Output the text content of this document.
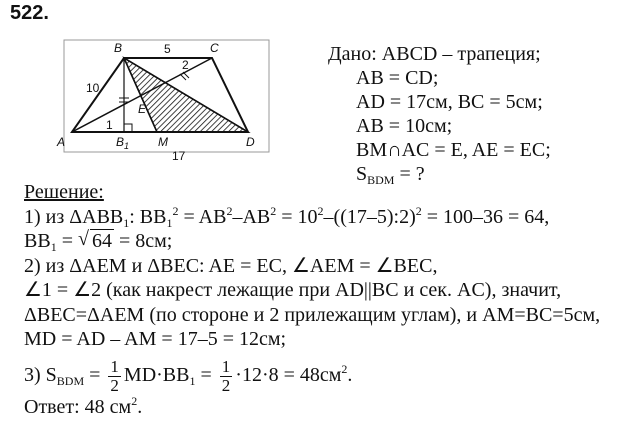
522.
A
B	C
D
E
M
$B_1$
10
5
17
1
2	Дано: ABCD – трапеция;
AB = CD;
AD = 17см, BC = 5см;
AB = 10см;
BM∩AC = E, AE = EC;
$S_{BDM}$ = ?
Решение:
1) из $\Delta ABB_1$: $BB_1^2 = AB^2-AB^2$ = $10^2-((17-5):2)^2 = 100-36 = 64$,
$BB_1$ = √ 64 = 8см;
2) из ΔAEM и ΔBEC: AE = EC, ∠AEM = ∠BEC,
∠1 = ∠2 (как накрест лежащие при AD||BC и сек. AC), значит,
ΔBEC=ΔAEM (по стороне и 2 прилежащим углам), и AM=BC=5см,
MD = AD – AM = 17–5 = 12см;
3) $S_{BDM} = \frac{1}{2} MD\cdot BB_1 = \frac{1}{2} \cdot 12\cdot 8 = 48см^2$.
Ответ: 48 $см^2$.
